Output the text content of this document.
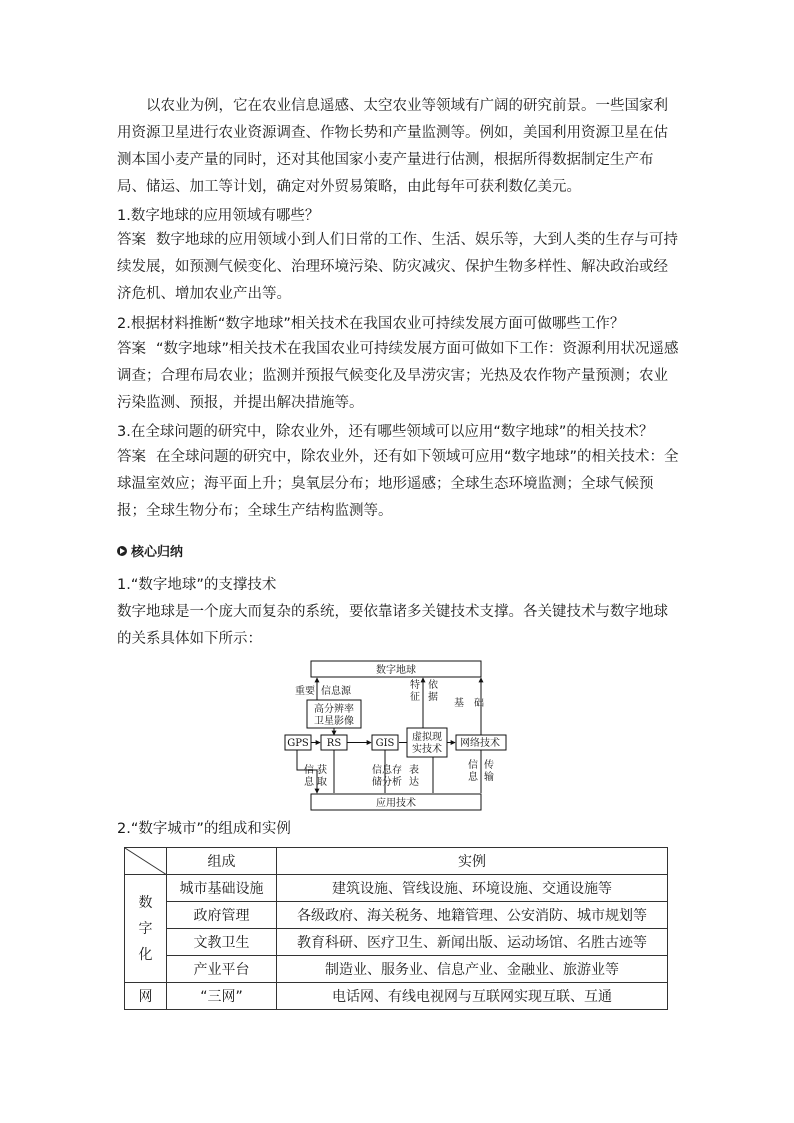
以农业为例，它在农业信息遥感、太空农业等领域有广阔的研究前景。一些国家利用资源卫星进行农业资源调查、作物长势和产量监测等。例如，美国利用资源卫星在估测本国小麦产量的同时，还对其他国家小麦产量进行估测，根据所得数据制定生产布局、储运、加工等计划，确定对外贸易策略，由此每年可获利数亿美元。

1.数字地球的应用领域有哪些？

答案 数字地球的应用领域小到人们日常的工作、生活、娱乐等，大到人类的生存与可持续发展，如预测气候变化、治理环境污染、防灾减灾、保护生物多样性、解决政治或经济危机、增加农业产出等。

2.根据材料推断“数字地球”相关技术在我国农业可持续发展方面可做哪些工作？

答案 “数字地球”相关技术在我国农业可持续发展方面可做如下工作：资源利用状况遥感调查；合理布局农业；监测并预报气候变化及旱涝灾害；光热及农作物产量预测；农业污染监测、预报，并提出解决措施等。

3.在全球问题的研究中，除农业外，还有哪些领域可以应用“数字地球”的相关技术？

答案 在全球问题的研究中，除农业外，还有如下领域可应用“数字地球”的相关技术：全球温室效应；海平面上升；臭氧层分布；地形遥感；全球生态环境监测；全球气候预报；全球生物分布；全球生产结构监测等。

核心归纳
1.“数字地球”的支撑技术

数字地球是一个庞大而复杂的系统，要依靠诸多关键技术支撑。各关键技术与数字地球的关系具体如下所示：

数字地球
应用技术
高分辨率
卫星影像
GPS RS	GIS
虚拟现
实技术
网络技术
重要 信息源
特
征
依
据
基　础
信
息
获
取
信息存
储分析
表
达
信
息
传
输
2.“数字城市”的组成和实例
	组成	实例

数
字
化	城市基础设施	建筑设施、管线设施、环境设施、交通设施等
	政府管理	各级政府、海关税务、地籍管理、公安消防、城市规划等
	文教卫生	教育科研、医疗卫生、新闻出版、运动场馆、名胜古迹等
	产业平台	制造业、服务业、信息产业、金融业、旅游业等
网	“三网”	电话网、有线电视网与互联网实现互联、互通
